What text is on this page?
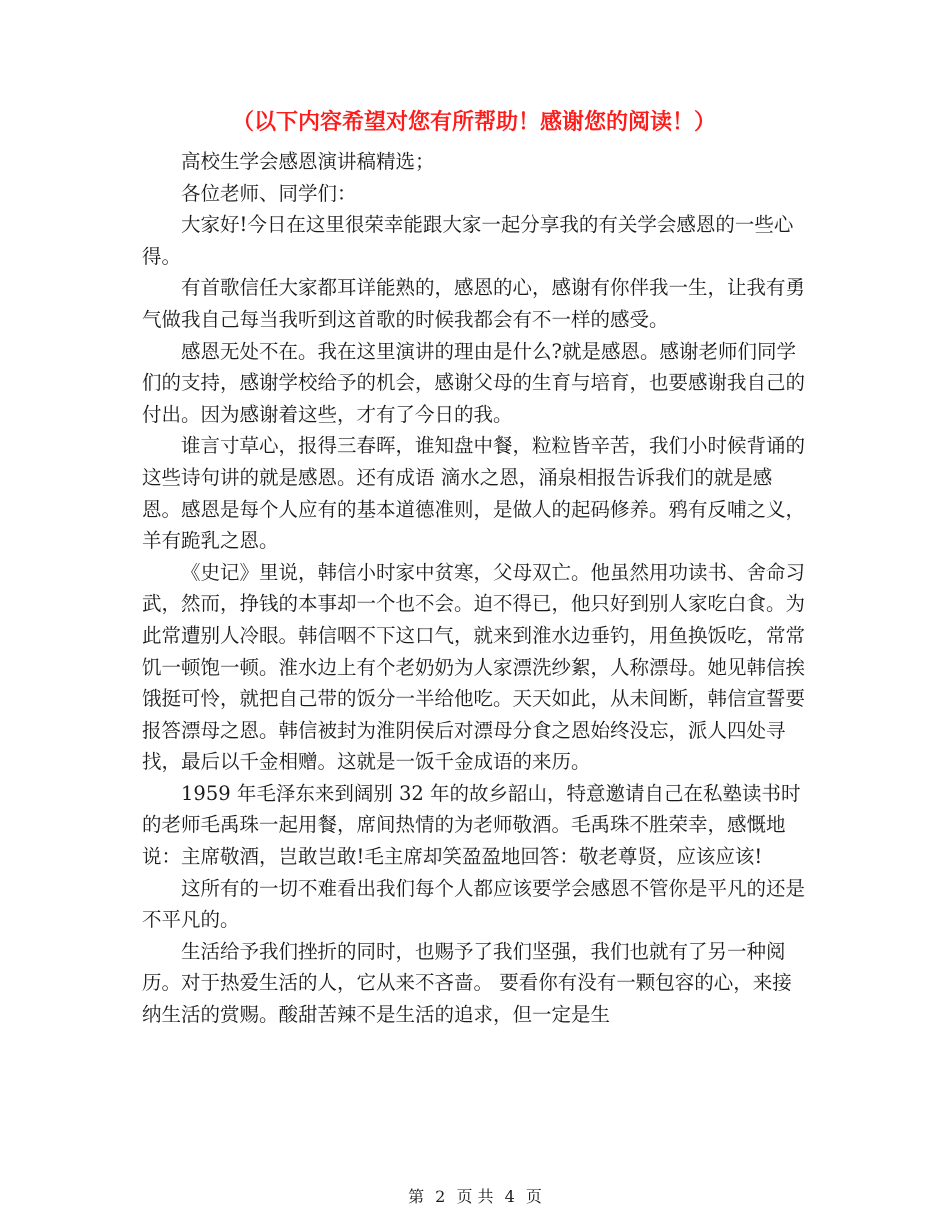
（以下内容希望对您有所帮助！感谢您的阅读！）

高校生学会感恩演讲稿精选；

各位老师、同学们：

大家好!今日在这里很荣幸能跟大家一起分享我的有关学会感恩的一些心得。

有首歌信任大家都耳详能熟的，感恩的心，感谢有你伴我一生，让我有勇气做我自己每当我听到这首歌的时候我都会有不一样的感受。

感恩无处不在。我在这里演讲的理由是什么?就是感恩。感谢老师们同学们的支持，感谢学校给予的机会，感谢父母的生育与培育，也要感谢我自己的付出。因为感谢着这些，才有了今日的我。

谁言寸草心，报得三春晖，谁知盘中餐，粒粒皆辛苦，我们小时候背诵的这些诗句讲的就是感恩。还有成语 滴水之恩，涌泉相报告诉我们的就是感恩。感恩是每个人应有的基本道德准则，是做人的起码修养。鸦有反哺之义，羊有跪乳之恩。

《史记》里说，韩信小时家中贫寒，父母双亡。他虽然用功读书、舍命习武，然而，挣钱的本事却一个也不会。迫不得已，他只好到别人家吃白食。为此常遭别人冷眼。韩信咽不下这口气，就来到淮水边垂钓，用鱼换饭吃，常常饥一顿饱一顿。淮水边上有个老奶奶为人家漂洗纱絮，人称漂母。她见韩信挨饿挺可怜，就把自己带的饭分一半给他吃。天天如此，从未间断，韩信宣誓要报答漂母之恩。韩信被封为淮阴侯后对漂母分食之恩始终没忘，派人四处寻找，最后以千金相赠。这就是一饭千金成语的来历。

1959 年毛泽东来到阔别 32 年的故乡韶山，特意邀请自己在私塾读书时的老师毛禹珠一起用餐，席间热情的为老师敬酒。毛禹珠不胜荣幸，感慨地说：主席敬酒，岂敢岂敢!毛主席却笑盈盈地回答：敬老尊贤，应该应该!

这所有的一切不难看出我们每个人都应该要学会感恩不管你是平凡的还是不平凡的。

生活给予我们挫折的同时，也赐予了我们坚强，我们也就有了另一种阅历。对于热爱生活的人，它从来不吝啬。 要看你有没有一颗包容的心，来接纳生活的赏赐。酸甜苦辣不是生活的追求，但一定是生

第 2 页 共 4 页
